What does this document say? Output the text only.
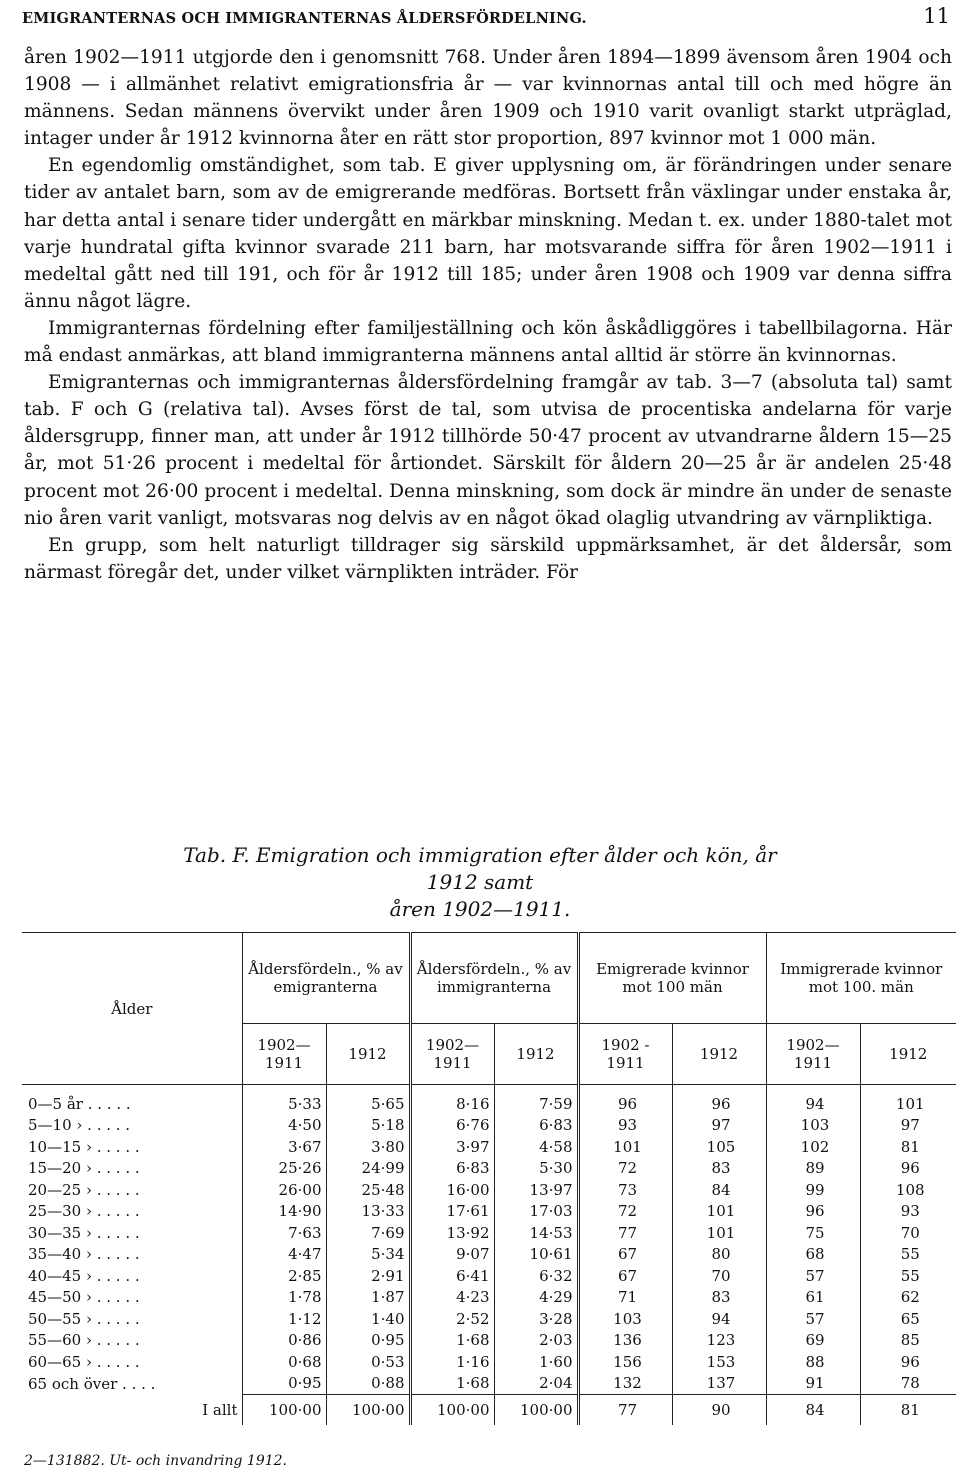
EMIGRANTERNAS OCH IMMIGRANTERNAS ÅLDERSFÖRDELNING.	11

åren 1902—1911 utgjorde den i genomsnitt 768. Under åren 1894—1899 ävensom åren 1904 och 1908 — i allmänhet relativt emigrationsfria år — var kvinnornas antal till och med högre än männens. Sedan männens övervikt under åren 1909 och 1910 varit ovanligt starkt utpräglad, intager under år 1912 kvinnorna åter en rätt stor proportion, 897 kvinnor mot 1 000 män.

En egendomlig omständighet, som tab. E giver upplysning om, är förändringen under senare tider av antalet barn, som av de emigrerande medföras. Bortsett från växlingar under enstaka år, har detta antal i senare tider undergått en märkbar minskning. Medan t. ex. under 1880-talet mot varje hundratal gifta kvinnor svarade 211 barn, har motsvarande siffra för åren 1902—1911 i medeltal gått ned till 191, och för år 1912 till 185; under åren 1908 och 1909 var denna siffra ännu något lägre.

Immigranternas fördelning efter familjeställning och kön åskådliggöres i tabellbilagorna. Här må endast anmärkas, att bland immigranterna männens antal alltid är större än kvinnornas.

Emigranternas och immigranternas åldersfördelning framgår av tab. 3—7 (absoluta tal) samt tab. F och G (relativa tal). Avses först de tal, som utvisa de procentiska andelarna för varje åldersgrupp, finner man, att under år 1912 tillhörde 50·47 procent av utvandrarne åldern 15—25 år, mot 51·26 procent i medeltal för årtiondet. Särskilt för åldern 20—25 år är andelen 25·48 procent mot 26·00 procent i medeltal. Denna minskning, som dock är mindre än under de senaste nio åren varit vanligt, motsvaras nog delvis av en något ökad olaglig utvandring av värnpliktiga.

En grupp, som helt naturligt tilldrager sig särskild uppmärksamhet, är det åldersår, som närmast föregår det, under vilket värnplikten inträder. För

Tab. F. Emigration och immigration efter ålder och kön, år 1912 samt
åren 1902—1911.
Ålder	Åldersfördeln., % av emigranterna		Åldersfördeln., % av immigranterna		Emigrerade kvinnor mot 100 män		Immigrerade kvinnor mot 100. män	
	1902— 1911	1912	1902— 1911	1912	1902 - 1911	1912	1902— 1911	1912
0—5 år . . . . .	5·33	5·65	8·16	7·59	96	96	94	101
5—10 › . . . . .	4·50	5·18	6·76	6·83	93	97	103	97
10—15 › . . . . .	3·67	3·80	3·97	4·58	101	105	102	81
15—20 › . . . . .	25·26	24·99	6·83	5·30	72	83	89	96
20—25 › . . . . .	26·00	25·48	16·00	13·97	73	84	99	108
25—30 › . . . . .	14·90	13·33	17·61	17·03	72	101	96	93
30—35 › . . . . .	7·63	7·69	13·92	14·53	77	101	75	70
35—40 › . . . . .	4·47	5·34	9·07	10·61	67	80	68	55
40—45 › . . . . .	2·85	2·91	6·41	6·32	67	70	57	55
45—50 › . . . . .	1·78	1·87	4·23	4·29	71	83	61	62
50—55 › . . . . .	1·12	1·40	2·52	3·28	103	94	57	65
55—60 › . . . . .	0·86	0·95	1·68	2·03	136	123	69	85
60—65 › . . . . .	0·68	0·53	1·16	1·60	156	153	88	96
65 och över . . . .	0·95	0·88	1·68	2·04	132	137	91	78
I allt	100·00	100·00	100·00	100·00	77	90	84	81
2—131882. Ut- och invandring 1912.
